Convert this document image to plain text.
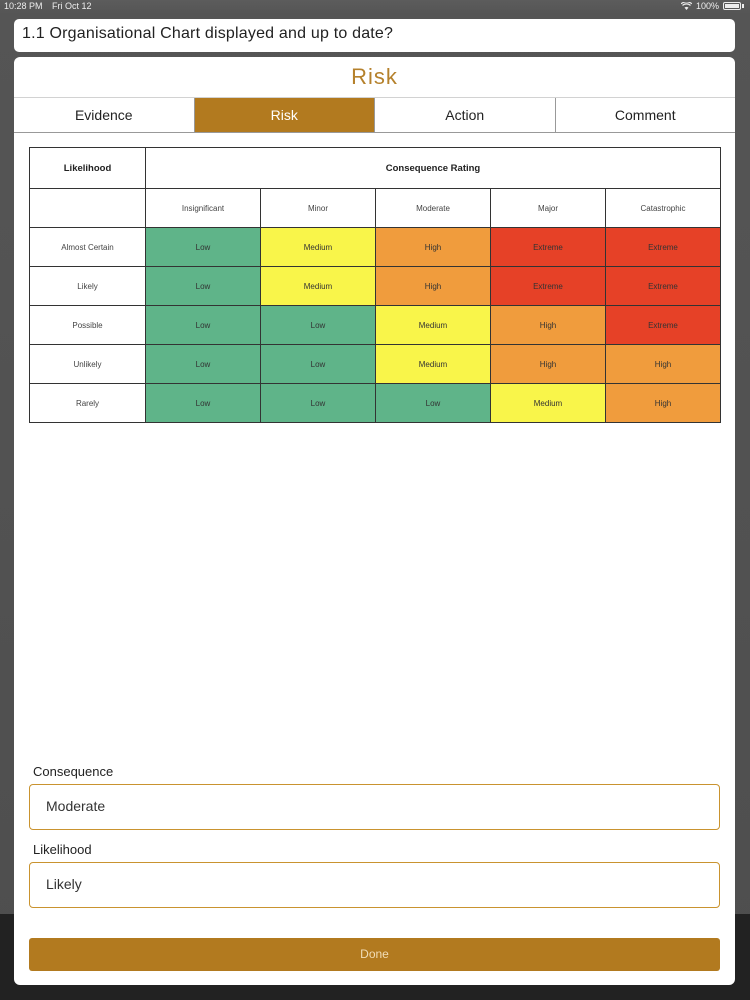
10:28 PM Fri Oct 12	100%
1.1 Organisational Chart displayed and up to date?
Risk
Evidence	Risk	Action	Comment
Likelihood	Consequence Rating				
	Insignificant	Minor	Moderate	Major	Catastrophic
Almost Certain	Low	Medium	High	Extreme	Extreme
Likely	Low	Medium	High	Extreme	Extreme
Possible	Low	Low	Medium	High	Extreme
Unlikely	Low	Low	Medium	High	High
Rarely	Low	Low	Low	Medium	High
Consequence
Moderate
Likelihood
Likely
Done
